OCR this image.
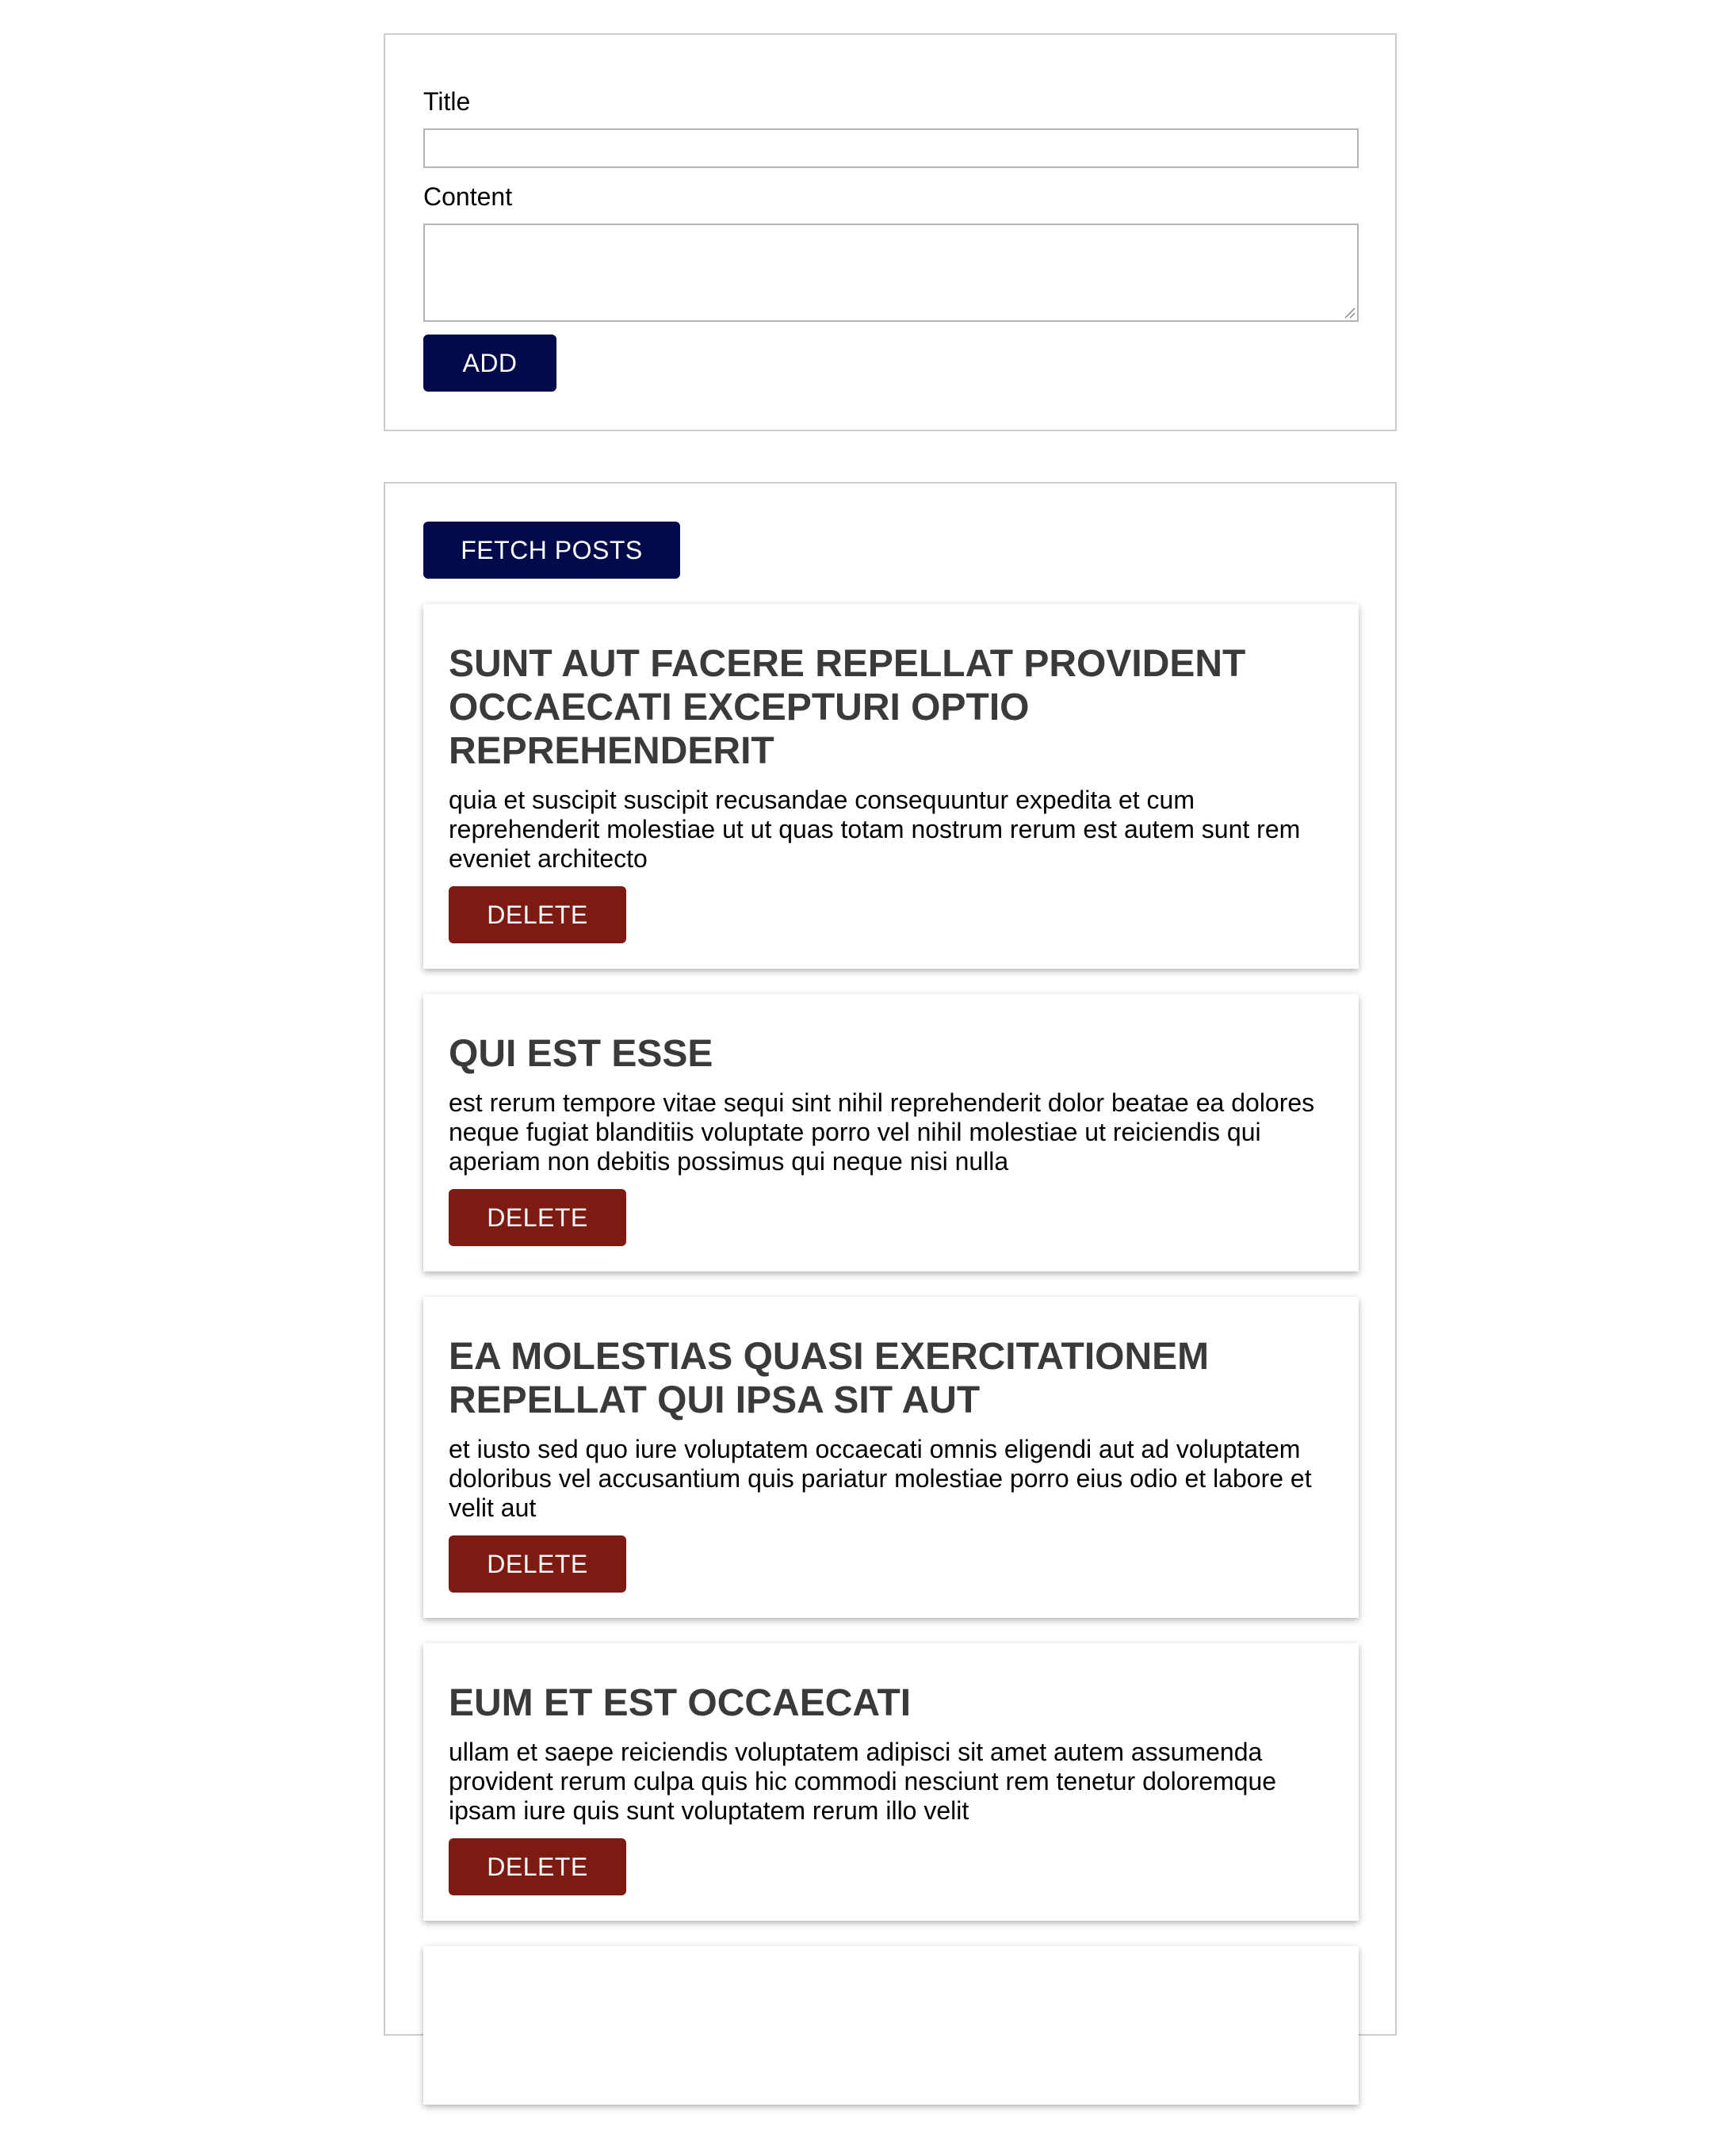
Title
Content
ADD
FETCH POSTS
SUNT AUT FACERE REPELLAT PROVIDENT OCCAECATI EXCEPTURI OPTIO REPREHENDERIT

quia et suscipit suscipit recusandae consequuntur expedita et cum reprehenderit molestiae ut ut quas totam nostrum rerum est autem sunt rem eveniet architecto

DELETE
QUI EST ESSE

est rerum tempore vitae sequi sint nihil reprehenderit dolor beatae ea dolores neque fugiat blanditiis voluptate porro vel nihil molestiae ut reiciendis qui aperiam non debitis possimus qui neque nisi nulla

DELETE
EA MOLESTIAS QUASI EXERCITATIONEM REPELLAT QUI IPSA SIT AUT

et iusto sed quo iure voluptatem occaecati omnis eligendi aut ad voluptatem doloribus vel accusantium quis pariatur molestiae porro eius odio et labore et velit aut

DELETE
EUM ET EST OCCAECATI

ullam et saepe reiciendis voluptatem adipisci sit amet autem assumenda provident rerum culpa quis hic commodi nesciunt rem tenetur doloremque ipsam iure quis sunt voluptatem rerum illo velit

DELETE
